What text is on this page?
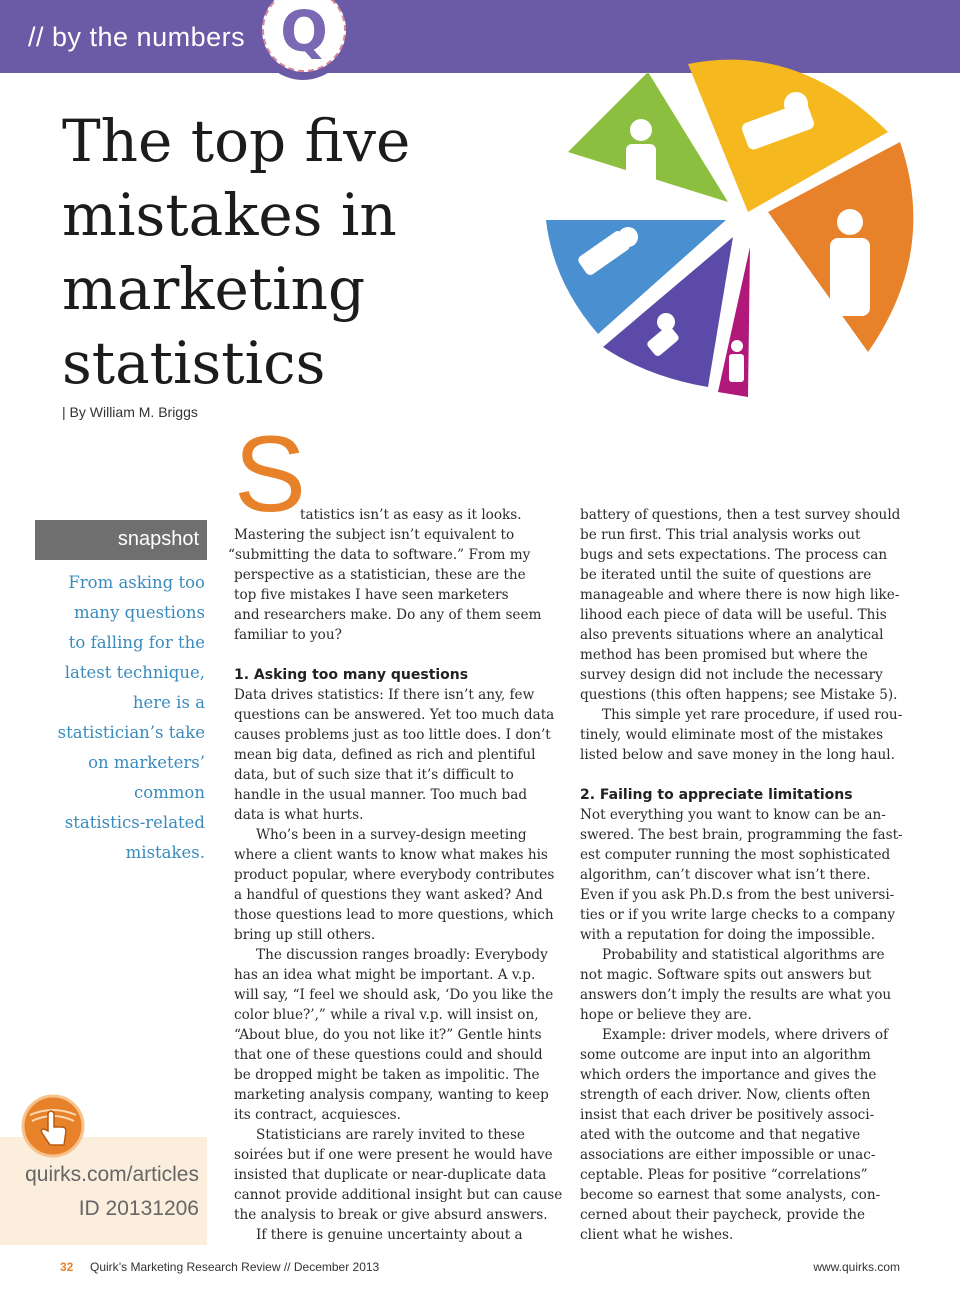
// by the numbers Q
The top five
mistakes in
marketing
statistics
| By William M. Briggs
snapshot
From asking too
many questions
to falling for the
latest technique,
here is a
statistician’s take
on marketers’
common
statistics-related
mistakes.
quirks.com/articles
ID 20131206
S
tatistics isn’t as easy as it looks.
Mastering the subject isn’t equivalent to
“submitting the data to software.” From my
perspective as a statistician, these are the
top five mistakes I have seen marketers
and researchers make. Do any of them seem
familiar to you?
1. Asking too many questions
Data drives statistics: If there isn’t any, few
questions can be answered. Yet too much data
causes problems just as too little does. I don’t
mean big data, defined as rich and plentiful
data, but of such size that it’s difficult to
handle in the usual manner. Too much bad
data is what hurts.
Who’s been in a survey-design meeting
where a client wants to know what makes his
product popular, where everybody contributes
a handful of questions they want asked? And
those questions lead to more questions, which
bring up still others.
The discussion ranges broadly: Everybody
has an idea what might be important. A v.p.
will say, “I feel we should ask, ‘Do you like the
color blue?’,” while a rival v.p. will insist on,
“About blue, do you not like it?” Gentle hints
that one of these questions could and should
be dropped might be taken as impolitic. The
marketing analysis company, wanting to keep
its contract, acquiesces.
Statisticians are rarely invited to these
soirées but if one were present he would have
insisted that duplicate or near-duplicate data
cannot provide additional insight but can cause
the analysis to break or give absurd answers.
If there is genuine uncertainty about a
battery of questions, then a test survey should
be run first. This trial analysis works out
bugs and sets expectations. The process can
be iterated until the suite of questions are
manageable and where there is now high like-
lihood each piece of data will be useful. This
also prevents situations where an analytical
method has been promised but where the
survey design did not include the necessary
questions (this often happens; see Mistake 5).
This simple yet rare procedure, if used rou-
tinely, would eliminate most of the mistakes
listed below and save money in the long haul.
2. Failing to appreciate limitations
Not everything you want to know can be an-
swered. The best brain, programming the fast-
est computer running the most sophisticated
algorithm, can’t discover what isn’t there.
Even if you ask Ph.D.s from the best universi-
ties or if you write large checks to a company
with a reputation for doing the impossible.
Probability and statistical algorithms are
not magic. Software spits out answers but
answers don’t imply the results are what you
hope or believe they are.
Example: driver models, where drivers of
some outcome are input into an algorithm
which orders the importance and gives the
strength of each driver. Now, clients often
insist that each driver be positively associ-
ated with the outcome and that negative
associations are either impossible or unac-
ceptable. Pleas for positive “correlations”
become so earnest that some analysts, con-
cerned about their paycheck, provide the
client what he wishes.
32 Quirk’s Marketing Research Review // December 2013	www.quirks.com
